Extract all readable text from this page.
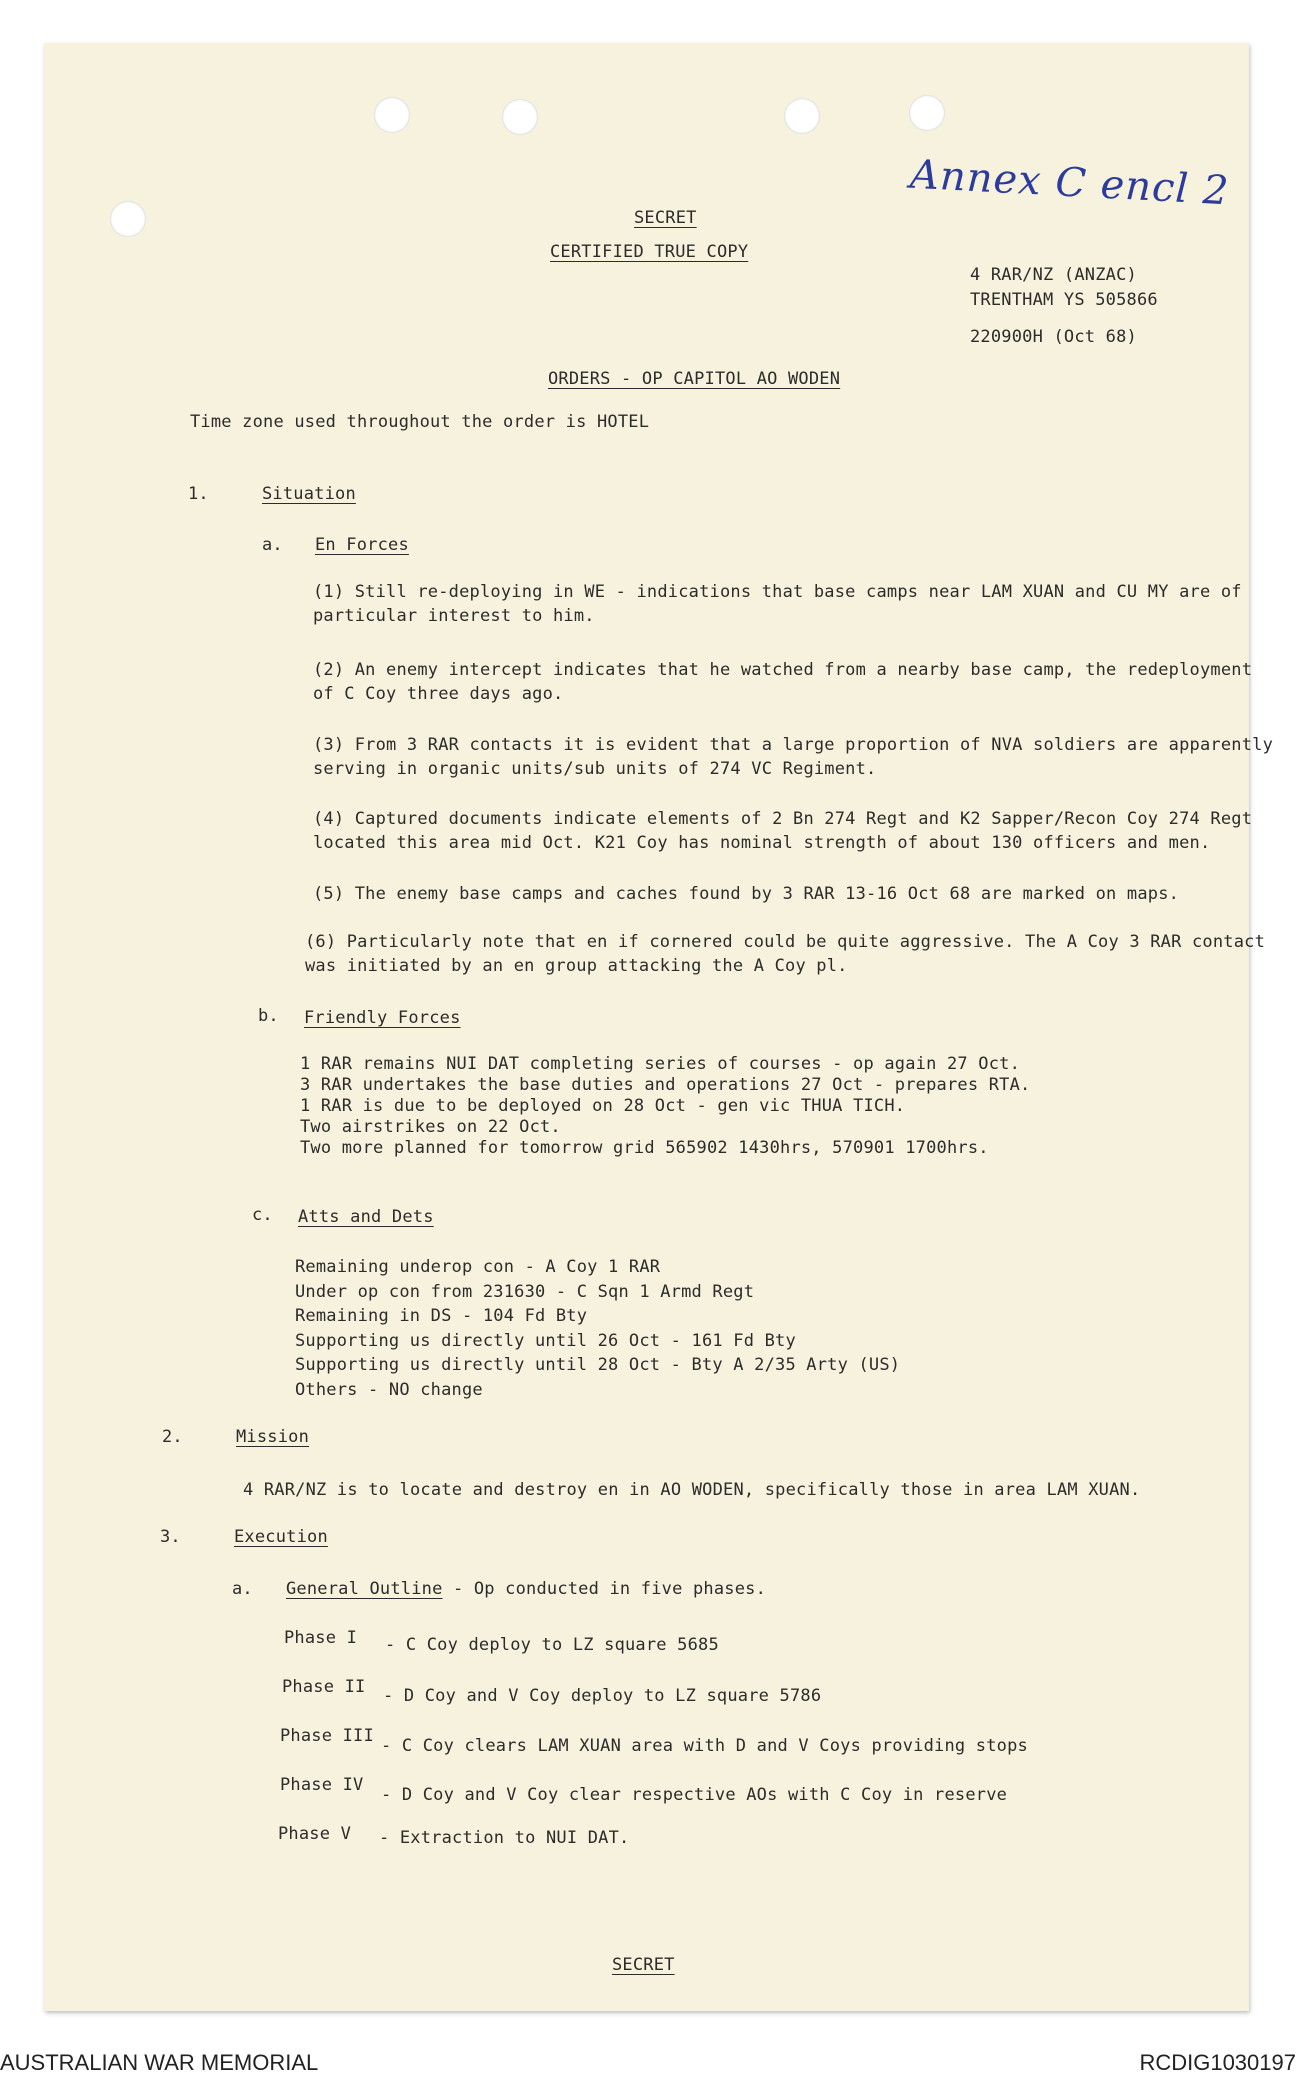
Annex C encl 2
SECRET
CERTIFIED TRUE COPY
4 RAR/NZ (ANZAC)
TRENTHAM YS 505866
220900H (Oct 68)
ORDERS - OP CAPITOL AO WODEN
Time zone used throughout the order is HOTEL
1.	Situation
a. En Forces
(1) Still re-deploying in WE - indications that base camps near LAM XUAN and CU MY are of
particular interest to him.
(2) An enemy intercept indicates that he watched from a nearby base camp, the redeployment
of C Coy three days ago.
(3) From 3 RAR contacts it is evident that a large proportion of NVA soldiers are apparently
serving in organic units/sub units of 274 VC Regiment.
(4) Captured documents indicate elements of 2 Bn 274 Regt and K2 Sapper/Recon Coy 274 Regt
located this area mid Oct. K21 Coy has nominal strength of about 130 officers and men.
(5) The enemy base camps and caches found by 3 RAR 13-16 Oct 68 are marked on maps.
(6) Particularly note that en if cornered could be quite aggressive. The A Coy 3 RAR contact
was initiated by an en group attacking the A Coy pl.
b. Friendly Forces
1 RAR remains NUI DAT completing series of courses - op again 27 Oct.
3 RAR undertakes the base duties and operations 27 Oct - prepares RTA.
1 RAR is due to be deployed on 28 Oct - gen vic THUA TICH.
Two airstrikes on 22 Oct.
Two more planned for tomorrow grid 565902 1430hrs, 570901 1700hrs.
c. Atts and Dets
Remaining underop con - A Coy 1 RAR
Under op con from 231630 - C Sqn 1 Armd Regt
Remaining in DS - 104 Fd Bty
Supporting us directly until 26 Oct - 161 Fd Bty
Supporting us directly until 28 Oct - Bty A 2/35 Arty (US)
Others - NO change
2.	Mission
4 RAR/NZ is to locate and destroy en in AO WODEN, specifically those in area LAM XUAN.
3.	Execution
a. General Outline - Op conducted in five phases.
Phase I - C Coy deploy to LZ square 5685
Phase II - D Coy and V Coy deploy to LZ square 5786
Phase III - C Coy clears LAM XUAN area with D and V Coys providing stops
Phase IV - D Coy and V Coy clear respective AOs with C Coy in reserve
Phase V - Extraction to NUI DAT.
SECRET
AUSTRALIAN WAR MEMORIAL	RCDIG1030197
